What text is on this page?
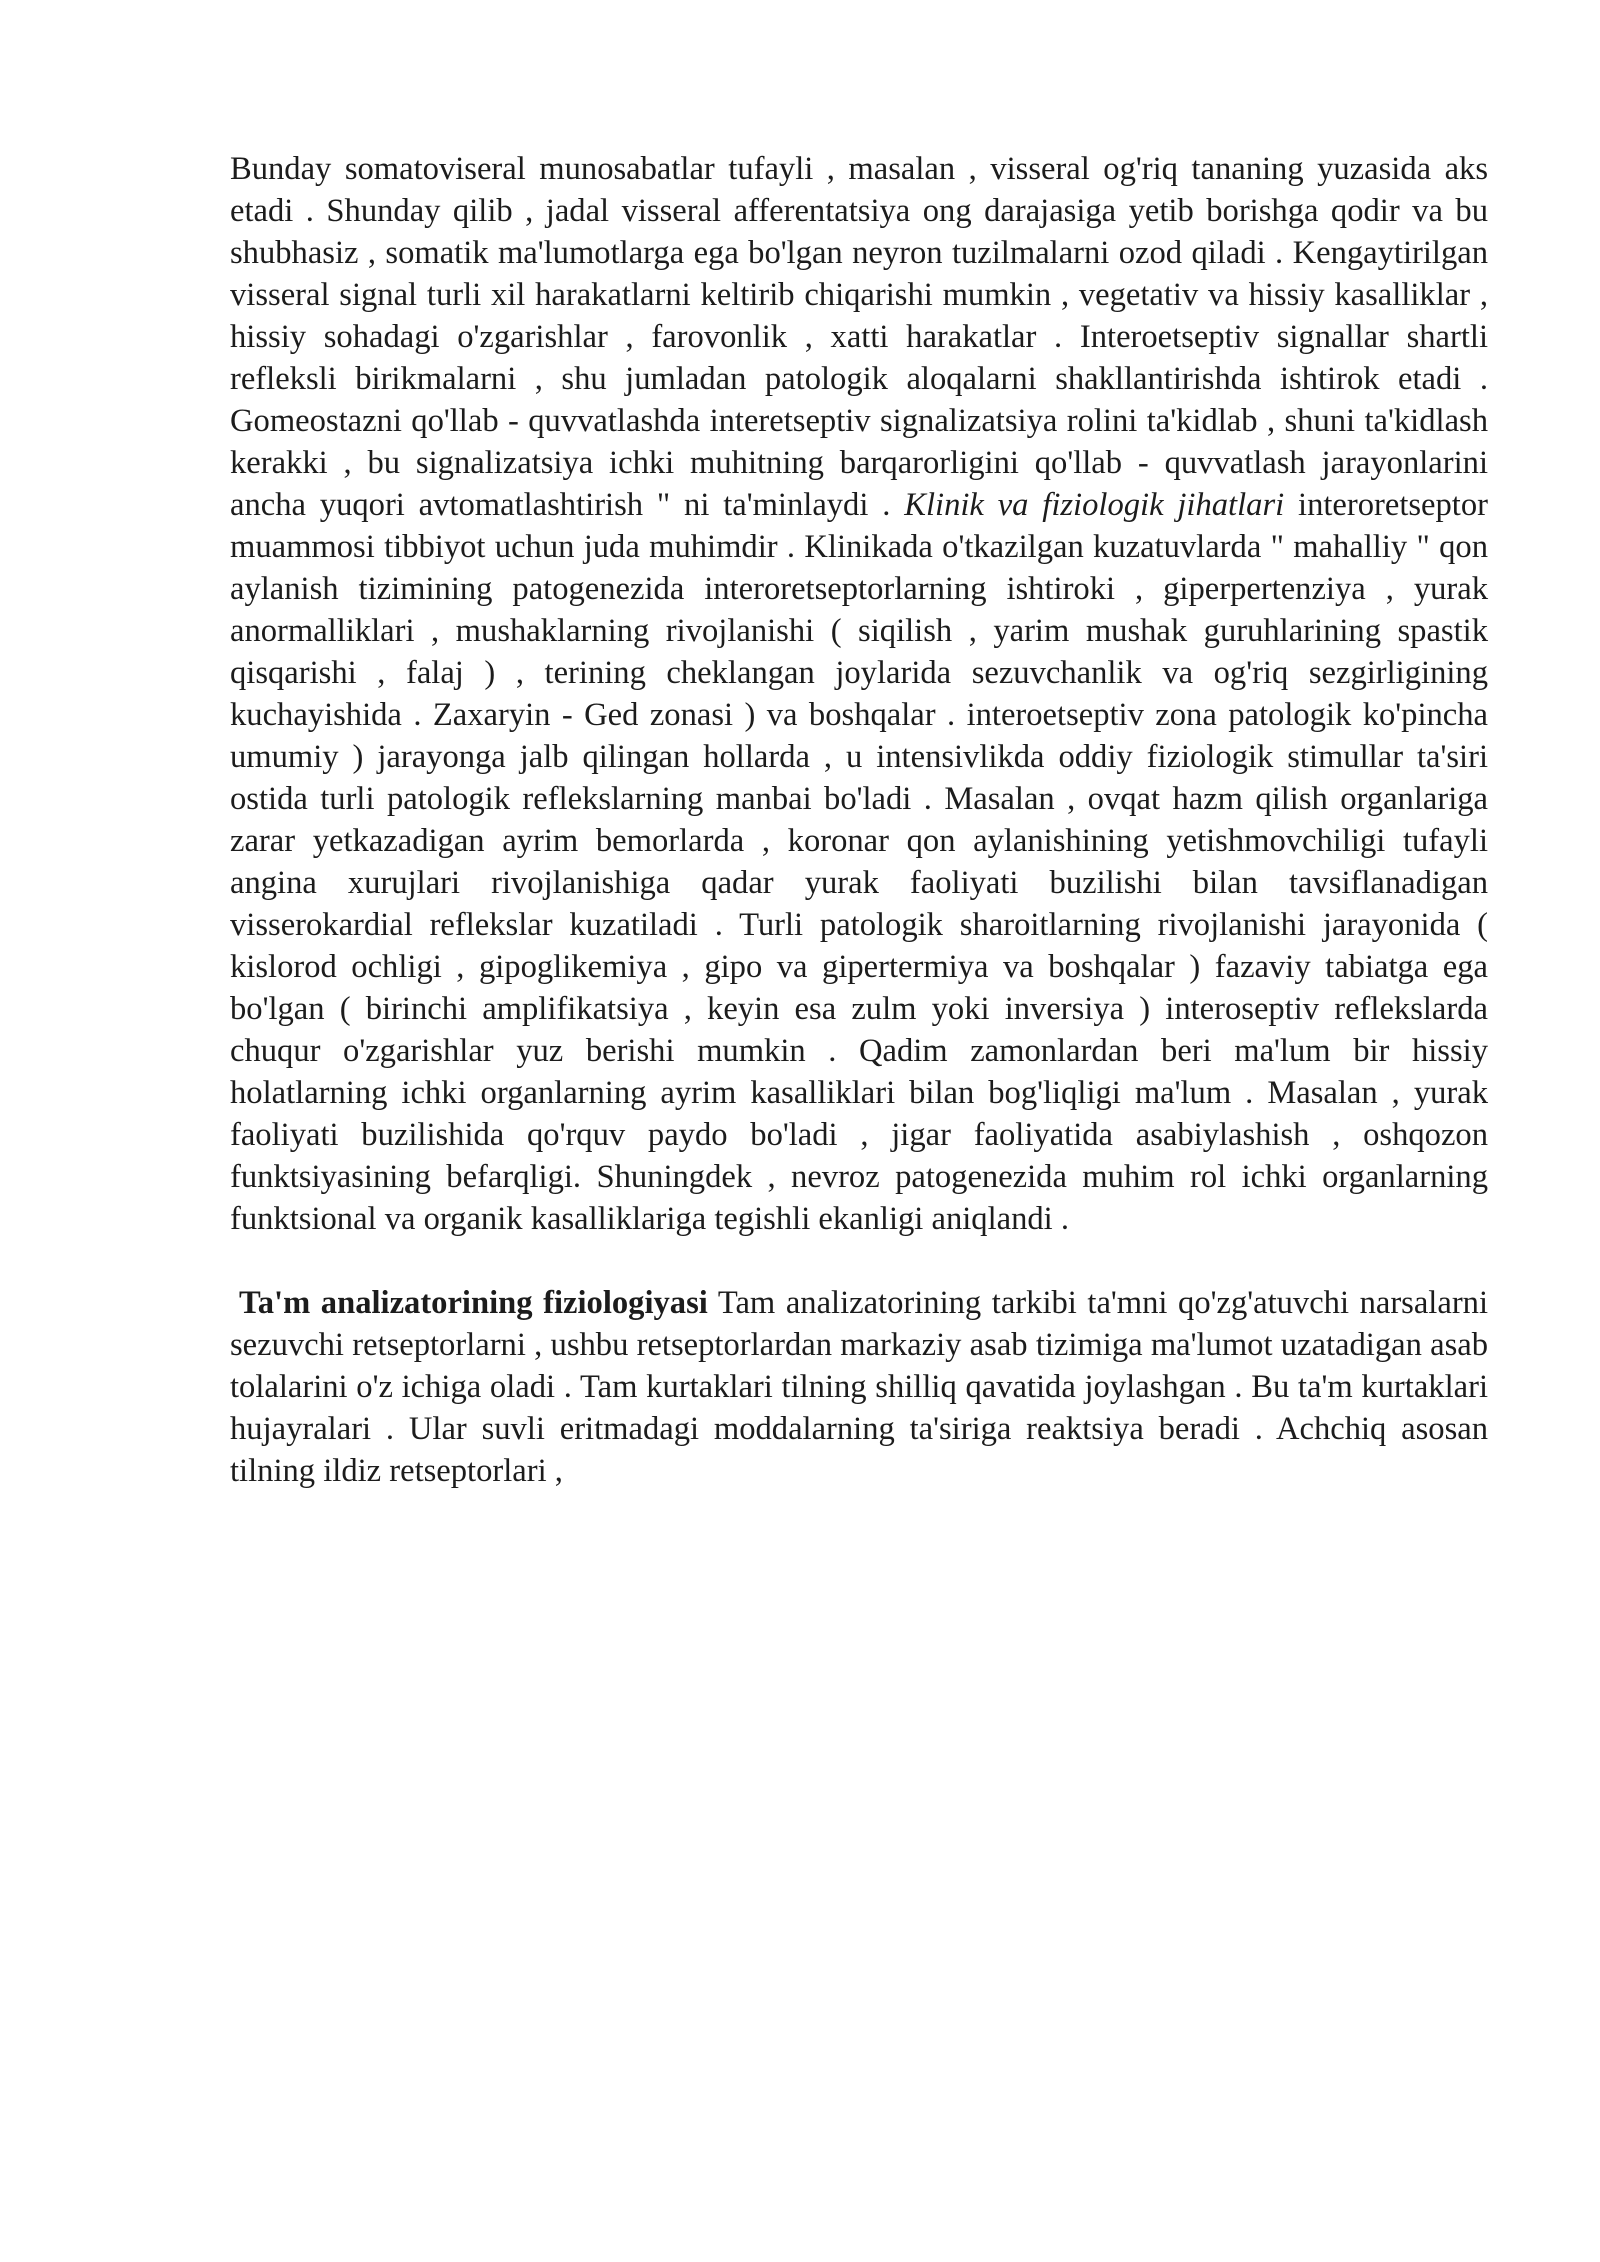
Bunday somatoviseral munosabatlar tufayli , masalan , visseral og'riq tananing yuzasida aks etadi . Shunday qilib , jadal visseral afferentatsiya ong darajasiga yetib borishga qodir va bu shubhasiz , somatik ma'lumotlarga ega bo'lgan neyron tuzilmalarni ozod qiladi . Kengaytirilgan visseral signal turli xil harakatlarni keltirib chiqarishi mumkin , vegetativ va hissiy kasalliklar , hissiy sohadagi o'zgarishlar , farovonlik , xatti harakatlar . Interoetseptiv signallar shartli refleksli birikmalarni , shu jumladan patologik aloqalarni shakllantirishda ishtirok etadi . Gomeostazni qo'llab - quvvatlashda interetseptiv signalizatsiya rolini ta'kidlab , shuni ta'kidlash kerakki , bu signalizatsiya ichki muhitning barqarorligini qo'llab - quvvatlash jarayonlarini ancha yuqori avtomatlashtirish " ni ta'minlaydi . Klinik va fiziologik jihatlari interoretseptor muammosi tibbiyot uchun juda muhimdir . Klinikada o'tkazilgan kuzatuvlarda " mahalliy " qon aylanish tizimining patogenezida interoretseptorlarning ishtiroki , giperpertenziya , yurak anormalliklari , mushaklarning rivojlanishi ( siqilish , yarim mushak guruhlarining spastik qisqarishi , falaj ) , terining cheklangan joylarida sezuvchanlik va og'riq sezgirligining kuchayishida . Zaxaryin - Ged zonasi ) va boshqalar . interoetseptiv zona patologik ko'pincha umumiy ) jarayonga jalb qilingan hollarda , u intensivlikda oddiy fiziologik stimullar ta'siri ostida turli patologik reflekslarning manbai bo'ladi . Masalan , ovqat hazm qilish organlariga zarar yetkazadigan ayrim bemorlarda , koronar qon aylanishining yetishmovchiligi tufayli angina xurujlari rivojlanishiga qadar yurak faoliyati buzilishi bilan tavsiflanadigan visserokardial reflekslar kuzatiladi . Turli patologik sharoitlarning rivojlanishi jarayonida ( kislorod ochligi , gipoglikemiya , gipo va gipertermiya va boshqalar ) fazaviy tabiatga ega bo'lgan ( birinchi amplifikatsiya , keyin esa zulm yoki inversiya ) interoseptiv reflekslarda chuqur o'zgarishlar yuz berishi mumkin . Qadim zamonlardan beri ma'lum bir hissiy holatlarning ichki organlarning ayrim kasalliklari bilan bog'liqligi ma'lum . Masalan , yurak faoliyati buzilishida qo'rquv paydo bo'ladi , jigar faoliyatida asabiylashish , oshqozon funktsiyasining befarqligi. Shuningdek , nevroz patogenezida muhim rol ichki organlarning funktsional va organik kasalliklariga tegishli ekanligi aniqlandi .

Ta'm analizatorining fiziologiyasi Tam analizatorining tarkibi ta'mni qo'zg'atuvchi narsalarni sezuvchi retseptorlarni , ushbu retseptorlardan markaziy asab tizimiga ma'lumot uzatadigan asab tolalarini o'z ichiga oladi . Tam kurtaklari tilning shilliq qavatida joylashgan . Bu ta'm kurtaklari hujayralari . Ular suvli eritmadagi moddalarning ta'siriga reaktsiya beradi . Achchiq asosan tilning ildiz retseptorlari ,
